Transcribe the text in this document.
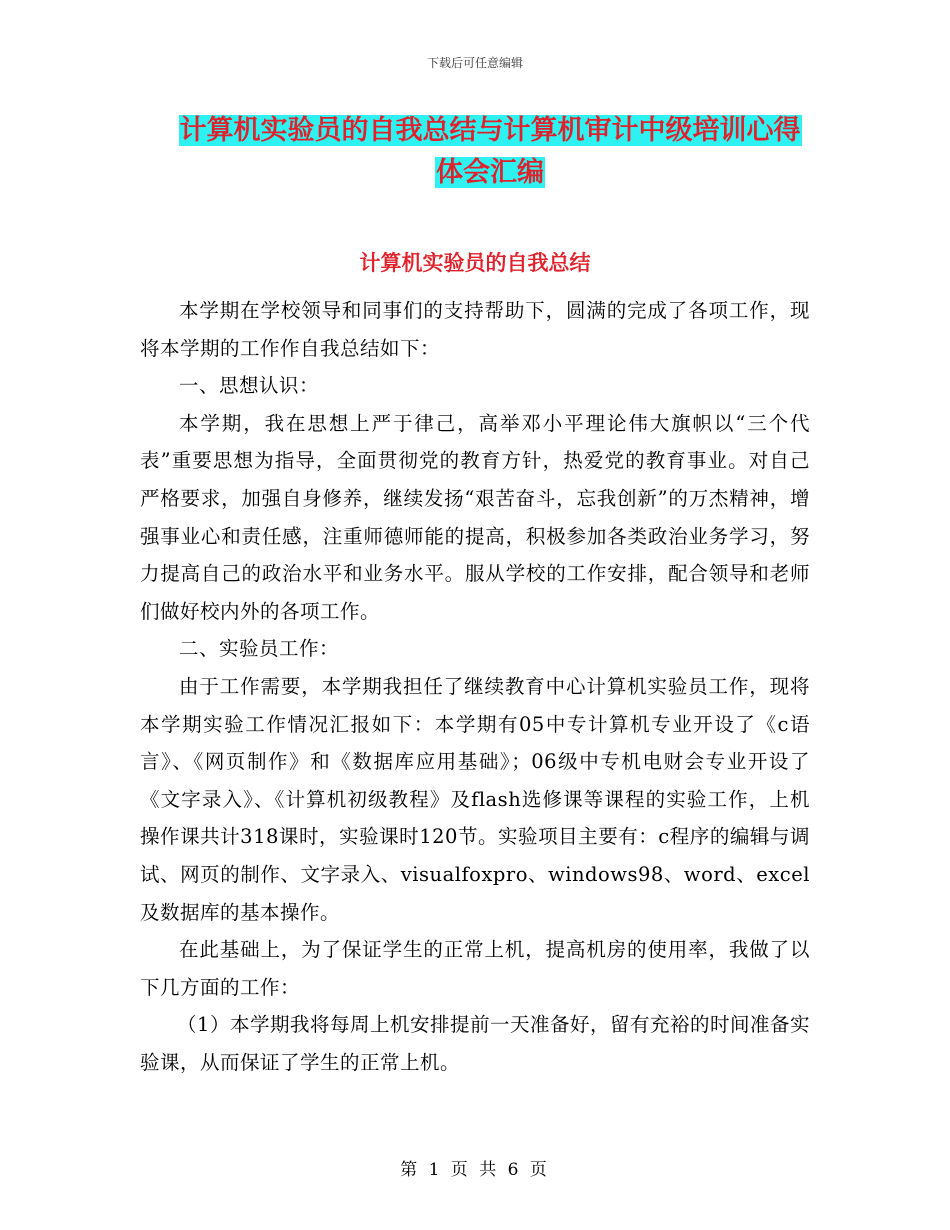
下载后可任意编辑
计算机实验员的自我总结与计算机审计中级培训心得
体会汇编
计算机实验员的自我总结

本学期在学校领导和同事们的支持帮助下，圆满的完成了各项工作，现将本学期的工作作自我总结如下：

一、思想认识：

本学期，我在思想上严于律己，高举邓小平理论伟大旗帜以“三个代表”重要思想为指导，全面贯彻党的教育方针，热爱党的教育事业。对自己严格要求，加强自身修养，继续发扬“艰苦奋斗，忘我创新”的万杰精神，增强事业心和责任感，注重师德师能的提高，积极参加各类政治业务学习，努力提高自己的政治水平和业务水平。服从学校的工作安排，配合领导和老师们做好校内外的各项工作。

二、实验员工作：

由于工作需要，本学期我担任了继续教育中心计算机实验员工作，现将本学期实验工作情况汇报如下：本学期有05中专计算机专业开设了《c语言》、《网页制作》和《数据库应用基础》；06级中专机电财会专业开设了《文字录入》、《计算机初级教程》及flash选修课等课程的实验工作，上机操作课共计318课时，实验课时120节。实验项目主要有：c程序的编辑与调试、网页的制作、文字录入、visualfoxpro、windows98、word、excel及数据库的基本操作。

在此基础上，为了保证学生的正常上机，提高机房的使用率，我做了以下几方面的工作：

（1）本学期我将每周上机安排提前一天准备好，留有充裕的时间准备实验课，从而保证了学生的正常上机。

第 1 页 共 6 页
